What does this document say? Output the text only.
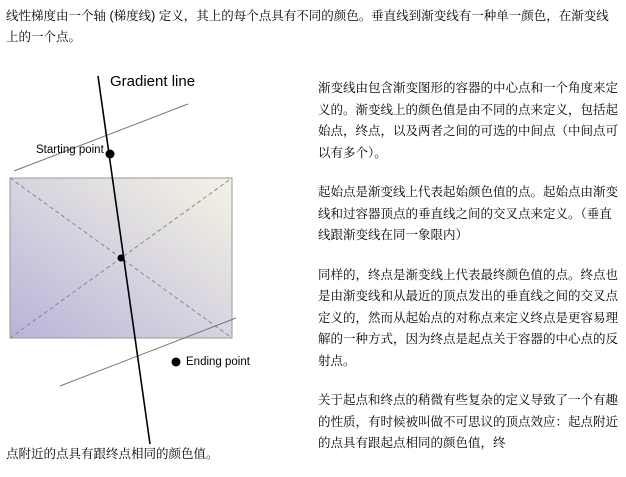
线性梯度由一个轴 (梯度线) 定义，其上的每个点具有不同的颜色。垂直线到渐变线有一种单一颜色，在渐变线上的一个点。
Gradient line
Starting point
Ending point

渐变线由包含渐变图形的容器的中心点和一个角度来定义的。渐变线上的颜色值是由不同的点来定义，包括起始点，终点，以及两者之间的可选的中间点（中间点可以有多个）。

起始点是渐变线上代表起始颜色值的点。起始点由渐变线和过容器顶点的垂直线之间的交叉点来定义。（垂直线跟渐变线在同一象限内）

同样的，终点是渐变线上代表最终颜色值的点。终点也是由渐变线和从最近的顶点发出的垂直线之间的交叉点定义的，然而从起始点的对称点来定义终点是更容易理解的一种方式，因为终点是起点关于容器的中心点的反射点。

关于起点和终点的稍微有些复杂的定义导致了一个有趣的性质，有时候被叫做不可思议的顶点效应：起点附近的点具有跟起点相同的颜色值，终

点附近的点具有跟终点相同的颜色值。
